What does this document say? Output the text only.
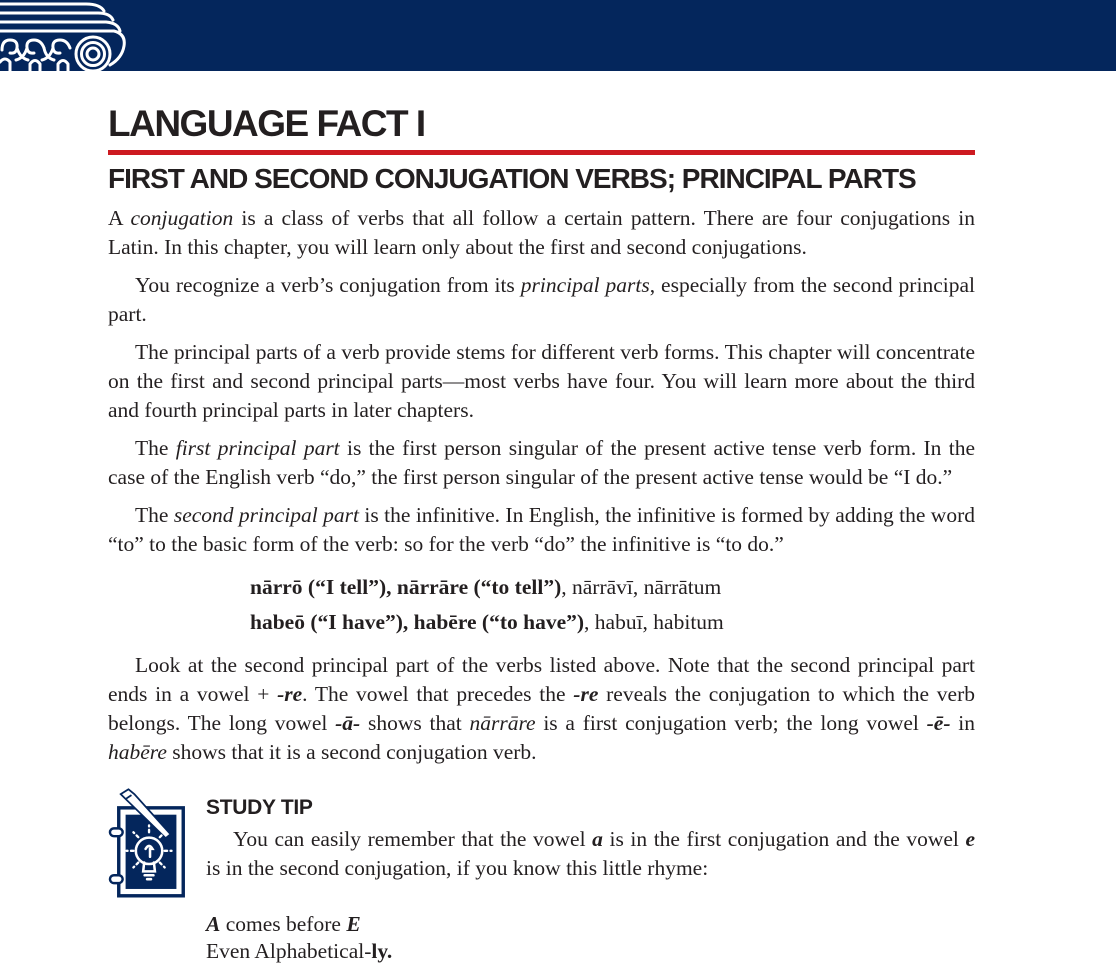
LANGUAGE FACT I
FIRST AND SECOND CONJUGATION VERBS; PRINCIPAL PARTS

A conjugation is a class of verbs that all follow a certain pattern. There are four conjugations in Latin. In this chapter, you will learn only about the first and second conjugations.

You recognize a verb’s conjugation from its principal parts, especially from the second principal part.

The principal parts of a verb provide stems for different verb forms. This chapter will concentrate on the first and second principal parts—most verbs have four. You will learn more about the third and fourth principal parts in later chapters.

The first principal part is the first person singular of the present active tense verb form. In the case of the English verb “do,” the first person singular of the present active tense would be “I do.”

The second principal part is the infinitive. In English, the infinitive is formed by adding the word “to” to the basic form of the verb: so for the verb “do” the infinitive is “to do.”

nārrō (“I tell”), nārrāre (“to tell”), nārrāvī, nārrātum

habeō (“I have”), habēre (“to have”), habuī, habitum

Look at the second principal part of the verbs listed above. Note that the second principal part ends in a vowel + -re. The vowel that precedes the -re reveals the conjugation to which the verb belongs. The long vowel -ā- shows that nārrāre is a first conjugation verb; the long vowel -ē- in habēre shows that it is a second conjugation verb.

STUDY TIP

You can easily remember that the vowel a is in the first conjugation and the vowel e is in the second conjugation, if you know this little rhyme:

A comes before E

Even Alphabetical-ly.
